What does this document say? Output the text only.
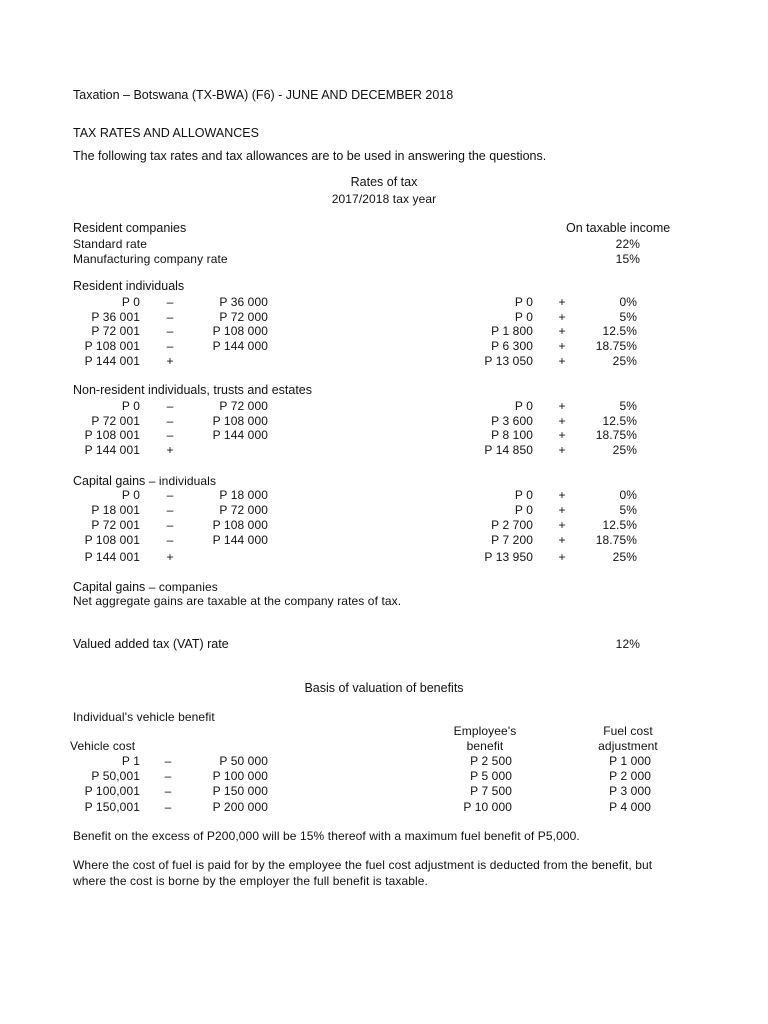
Taxation – Botswana (TX-BWA) (F6) - JUNE AND DECEMBER 2018
TAX RATES AND ALLOWANCES
The following tax rates and tax allowances are to be used in answering the questions.
Rates of tax
2017/2018 tax year
Resident companies	On taxable income
Standard rate	22%
Manufacturing company rate	15%
Resident individuals
P 0	–	P 36 000	P 0	+	0%
P 36 001	–	P 72 000	P 0	+	5%
P 72 001	–	P 108 000	P 1 800	+	12.5%
P 108 001	–	P 144 000	P 6 300	+	18.75%
P 144 001	+	P 13 050	+	25%
Non-resident individuals, trusts and estates
P 0	–	P 72 000	P 0	+	5%
P 72 001	–	P 108 000	P 3 600	+	12.5%
P 108 001	–	P 144 000	P 8 100	+	18.75%
P 144 001	+	P 14 850	+	25%
Capital gains – individuals
P 0	–	P 18 000	P 0	+	0%
P 18 001	–	P 72 000	P 0	+	5%
P 72 001	–	P 108 000	P 2 700	+	12.5%
P 108 001	–	P 144 000	P 7 200	+	18.75%
P 144 001	+	P 13 950	+	25%
Capital gains – companies
Net aggregate gains are taxable at the company rates of tax.
Valued added tax (VAT) rate	12%
Basis of valuation of benefits
Individual's vehicle benefit
Employee's
benefit
Fuel cost
adjustment
Vehicle cost
P 1	–	P 50 000	P 2 500	P 1 000
P 50,001	–	P 100 000	P 5 000	P 2 000
P 100,001	–	P 150 000	P 7 500	P 3 000
P 150,001	–	P 200 000	P 10 000	P 4 000
Benefit on the excess of P200,000 will be 15% thereof with a maximum fuel benefit of P5,000.
Where the cost of fuel is paid for by the employee the fuel cost adjustment is deducted from the benefit, but
where the cost is borne by the employer the full benefit is taxable.
